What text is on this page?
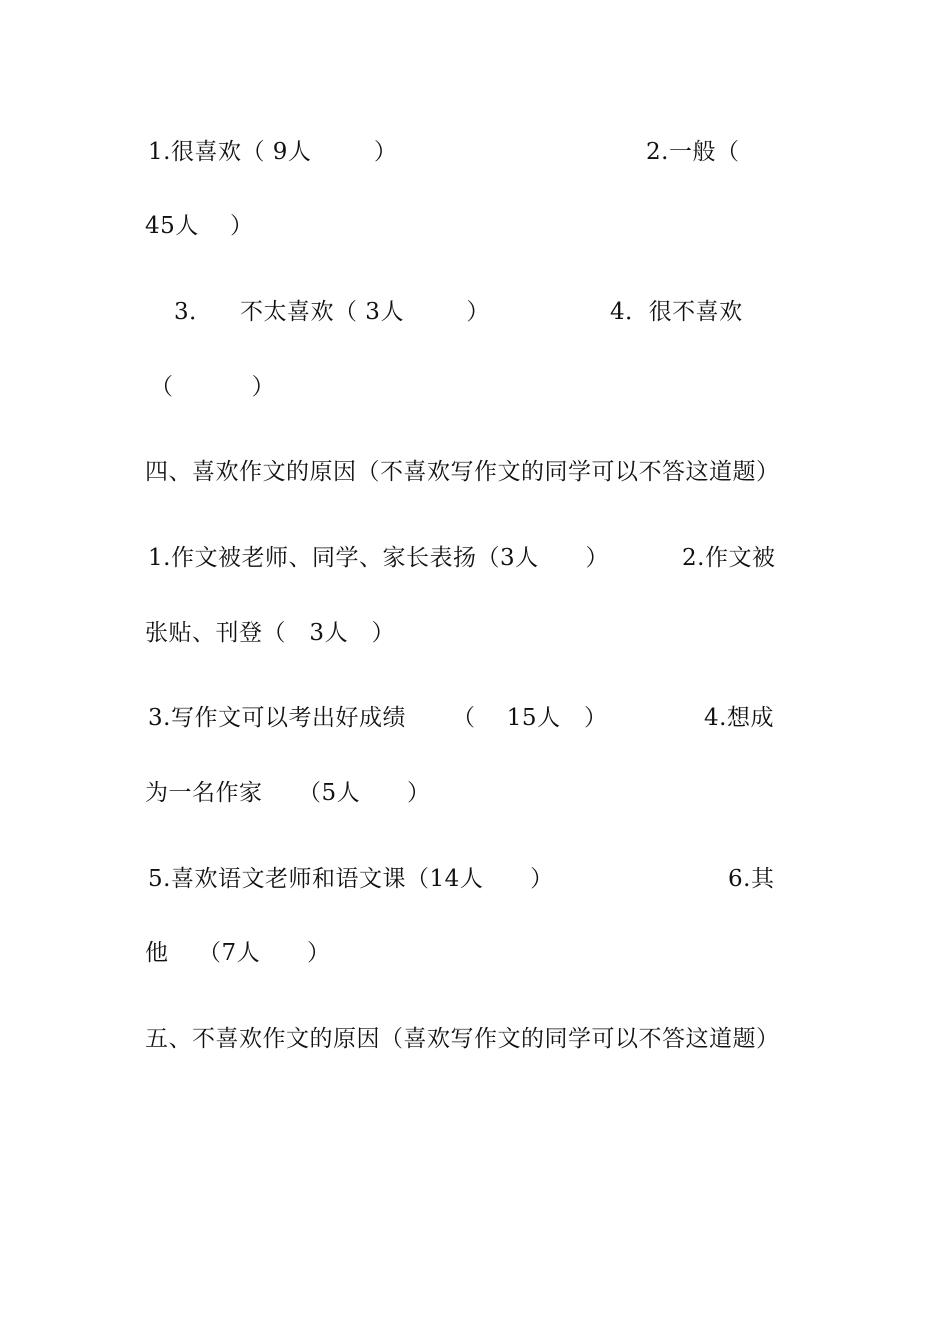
1.很喜欢（ 9人        ）	2.一般（
45人    ）
3． 不太喜欢（ 3人        ）	4．很不喜欢
（          ）
四、喜欢作文的原因（不喜欢写作文的同学可以不答这道题）
1.作文被老师、同学、家长表扬（3人      ）	2.作文被
张贴、刊登（   3人   ）
3.写作文可以考出好成绩 （    15人   ）	4.想成
为一名作家 （5人      ）
5.喜欢语文老师和语文课（14人      ）	6.其
他 （7人      ）
五、不喜欢作文的原因（喜欢写作文的同学可以不答这道题）
